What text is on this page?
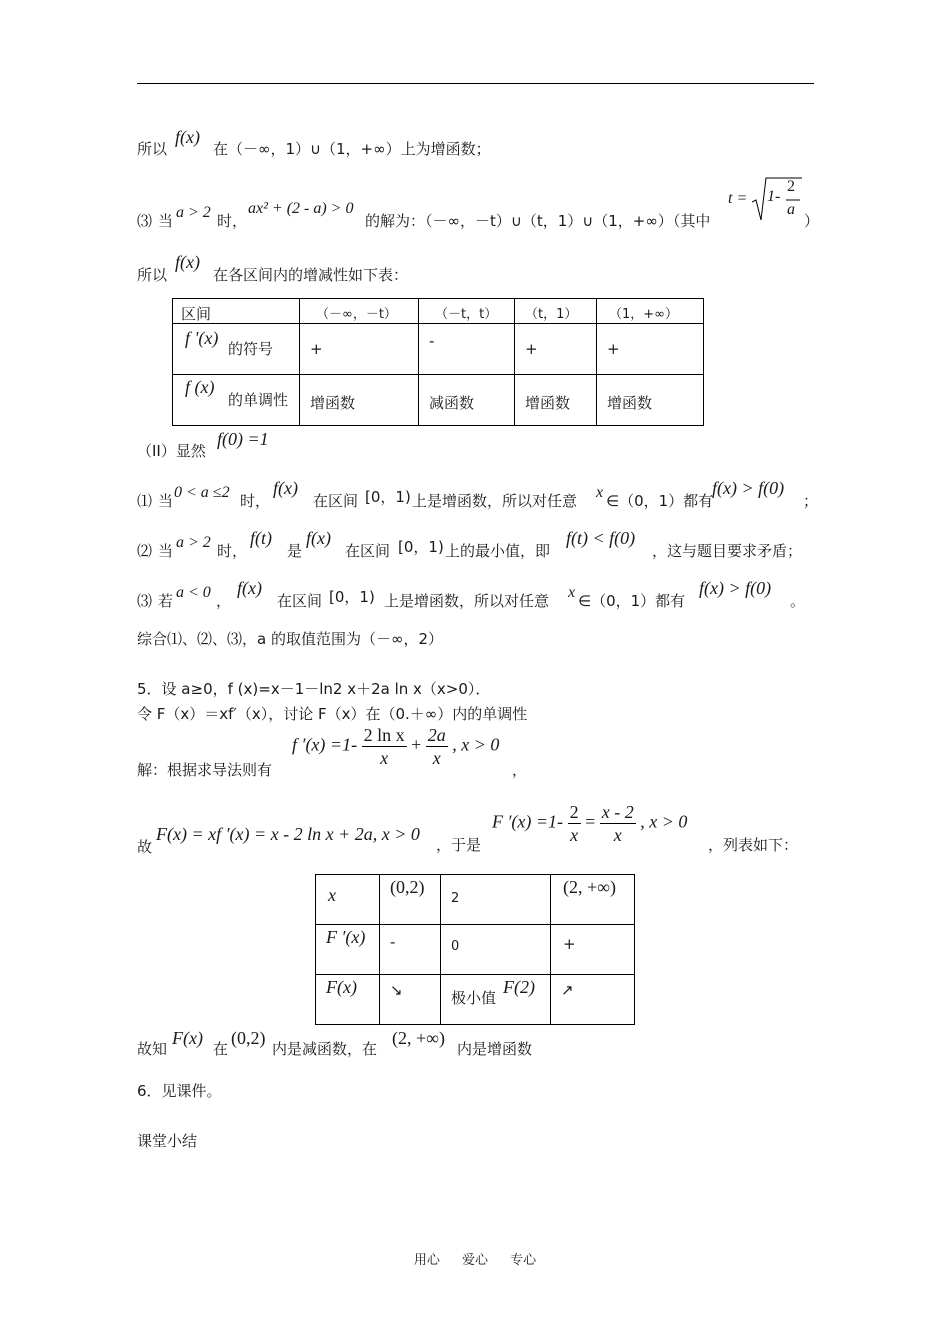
所以
f(x)
在（－∞，1）∪（1，+∞）上为增函数；
⑶ 当 a > 2 时，
ax² + (2 - a) > 0
的解为：（－∞，－t）∪（t，1）∪（1，+∞）（其中
t = 1-
2
a
）
所以
f(x)
在各区间内的增减性如下表：
区间	（－∞，－t）	（－t，t）	（t，1）	（1，+∞）

f '(x)
的符号	+	-	+	+

f (x)
的单调性	增函数	减函数	增函数	增函数
（II）显然
f(0) =1
⑴ 当 0 < a ≤2 时，
f(x)
在区间 [0，1) 上是增函数，所以对任意 x ∈（0，1）都有
f(x) > f(0)
；
⑵ 当 a > 2 时，
f(t)
是
f(x)
在区间 [0，1) 上的最小值，即
f(t) < f(0)
，这与题目要求矛盾；
⑶ 若 a < 0 ，
f(x)
在区间 [0，1) 上是增函数，所以对任意 x ∈（0，1）都有
f(x) > f(0)
。
综合⑴、⑵、⑶，a 的取值范围为（－∞，2）
5．设 a≥0，f (x)=x－1－ln2 x＋2a ln x（x>0）．
令 F（x）＝xf′（x），讨论 F（x）在（0.＋∞）内的单调性
解：根据求导法则有
f $'(x) =1- \frac{\text{2 ln x}}{x} + \frac{2a}{x}$ , x > 0
，
故
F(x) = xf ′(x) = x - 2 ln x + 2a, x > 0
，于是
F $'(x) =1- \frac{2}{x} = \frac{x - 2}{x}$ , x > 0
，列表如下：
x	(0,2)	2	(2, +∞)

F ′(x)	-	0	+

F(x)	↘	极小值
F(2)	↗
故知
F(x)
在
(0,2)
内是减函数，在
(2, +∞)
内是增函数
6．见课件。
课堂小结
用心 爱心 专心
